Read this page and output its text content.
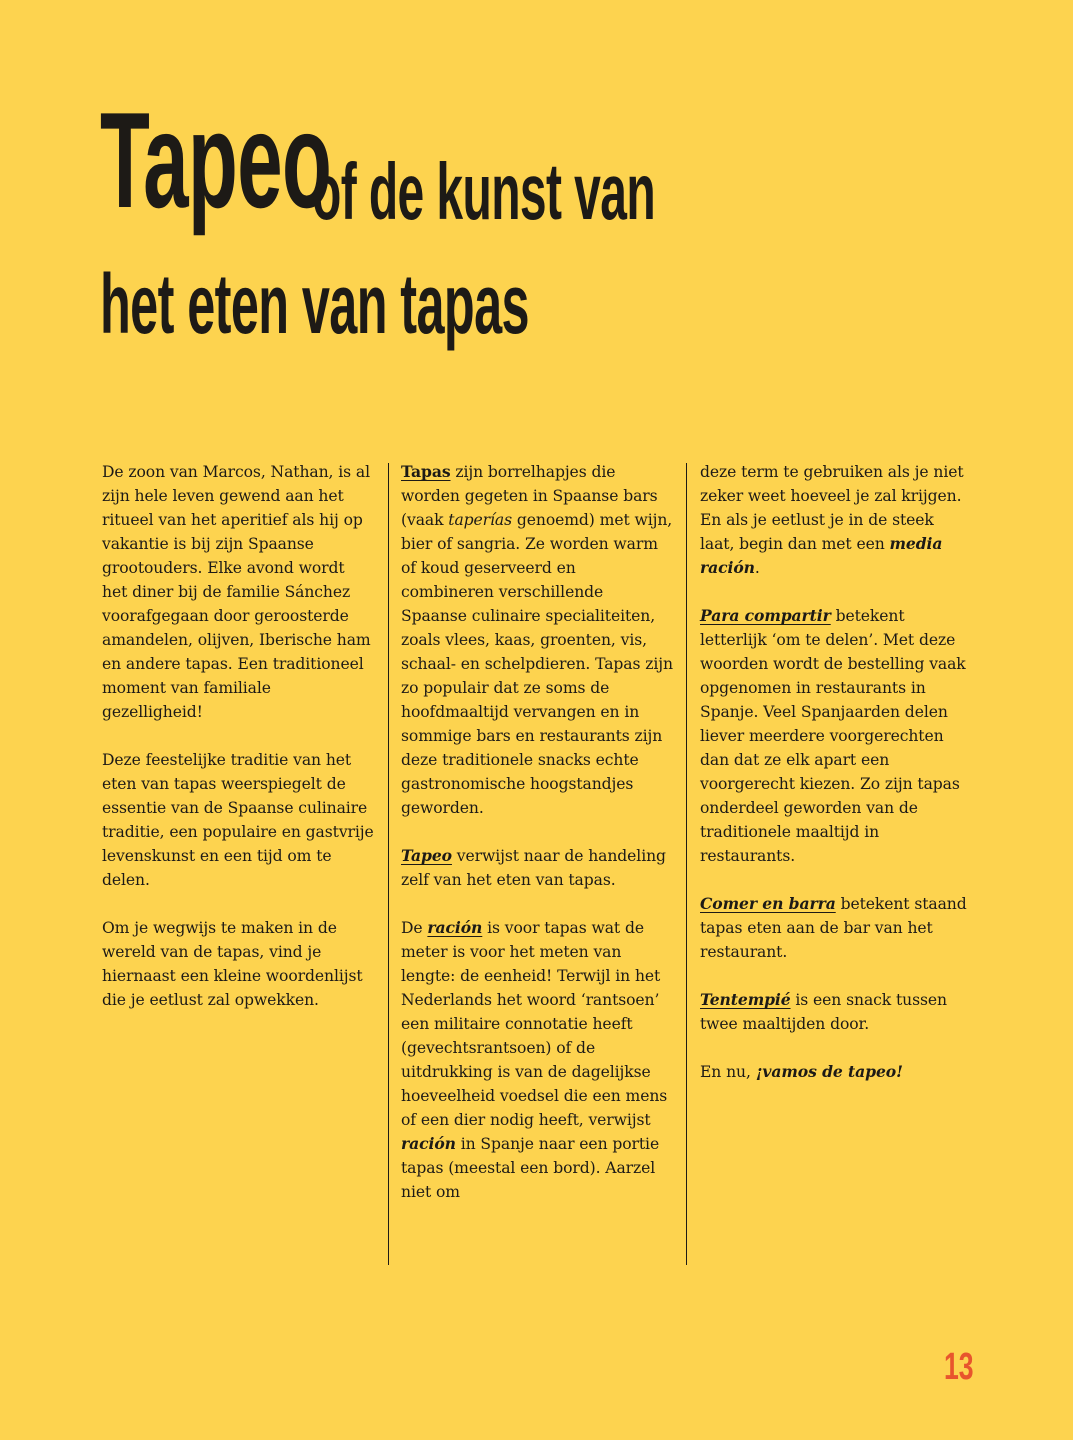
Tapeo
of de kunst van
het eten van tapas

De zoon van Marcos, Nathan, is al zijn hele leven gewend aan het ritueel van het aperitief als hij op vakantie is bij zijn Spaanse grootouders. Elke avond wordt het diner bij de familie Sánchez voorafgegaan door geroosterde amandelen, olijven, Iberische ham en andere tapas. Een traditioneel moment van familiale gezelligheid!

Deze feestelijke traditie van het eten van tapas weerspiegelt de essentie van de Spaanse culinaire traditie, een populaire en gastvrije levenskunst en een tijd om te delen.

Om je wegwijs te maken in de wereld van de tapas, vind je hiernaast een kleine woordenlijst die je eetlust zal opwekken.

Tapas zijn borrelhapjes die worden gegeten in Spaanse bars (vaak taperías genoemd) met wijn, bier of sangria. Ze worden warm of koud geserveerd en combineren verschillende Spaanse culinaire specialiteiten, zoals vlees, kaas, groenten, vis, schaal- en schelpdieren. Tapas zijn zo populair dat ze soms de hoofdmaaltijd vervangen en in sommige bars en restaurants zijn deze traditionele snacks echte gastronomische hoogstandjes geworden.

Tapeo verwijst naar de handeling zelf van het eten van tapas.

De ración is voor tapas wat de meter is voor het meten van lengte: de eenheid! Terwijl in het Nederlands het woord ‘rantsoen’ een militaire connotatie heeft (gevechtsrantsoen) of de uitdrukking is van de dagelijkse hoeveelheid voedsel die een mens of een dier nodig heeft, verwijst ración in Spanje naar een portie tapas (meestal een bord). Aarzel niet om

deze term te gebruiken als je niet zeker weet hoeveel je zal krijgen. En als je eetlust je in de steek laat, begin dan met een media ración.

Para compartir betekent letterlijk ‘om te delen’. Met deze woorden wordt de bestelling vaak opgenomen in restaurants in Spanje. Veel Spanjaarden delen liever meerdere voorgerechten dan dat ze elk apart een voorgerecht kiezen. Zo zijn tapas onderdeel geworden van de traditionele maaltijd in restaurants.

Comer en barra betekent staand tapas eten aan de bar van het restaurant.

Tentempié is een snack tussen twee maaltijden door.

En nu, ¡vamos de tapeo!

13
